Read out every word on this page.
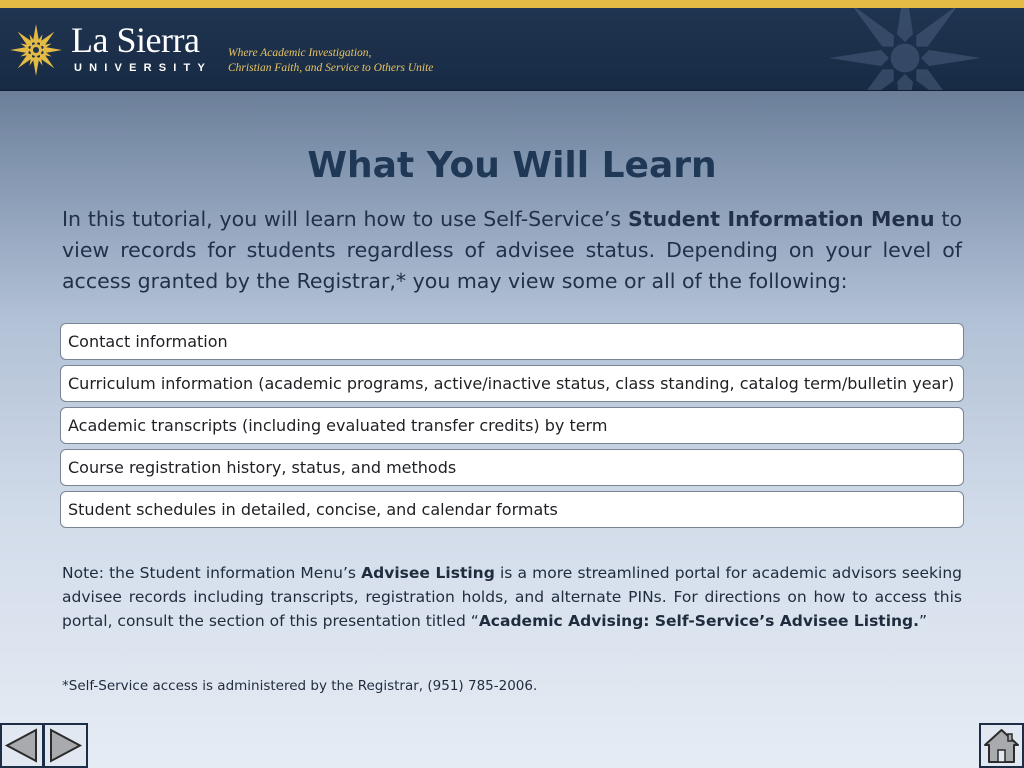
La Sierra
UNIVERSITY
Where Academic Investigation,
Christian Faith, and Service to Others Unite
What You Will Learn
In this tutorial, you will learn how to use Self-Service’s Student Information Menu to view records for students regardless of advisee status. Depending on your level of access granted by the Registrar,* you may view some or all of the following:
Contact information
Curriculum information (academic programs, active/inactive status, class standing, catalog term/bulletin year)
Academic transcripts (including evaluated transfer credits) by term
Course registration history, status, and methods
Student schedules in detailed, concise, and calendar formats
Note: the Student information Menu’s Advisee Listing is a more streamlined portal for academic advisors seeking advisee records including transcripts, registration holds, and alternate PINs. For directions on how to access this portal, consult the section of this presentation titled “Academic Advising: Self-Service’s Advisee Listing.”
*Self-Service access is administered by the Registrar, (951) 785-2006.
